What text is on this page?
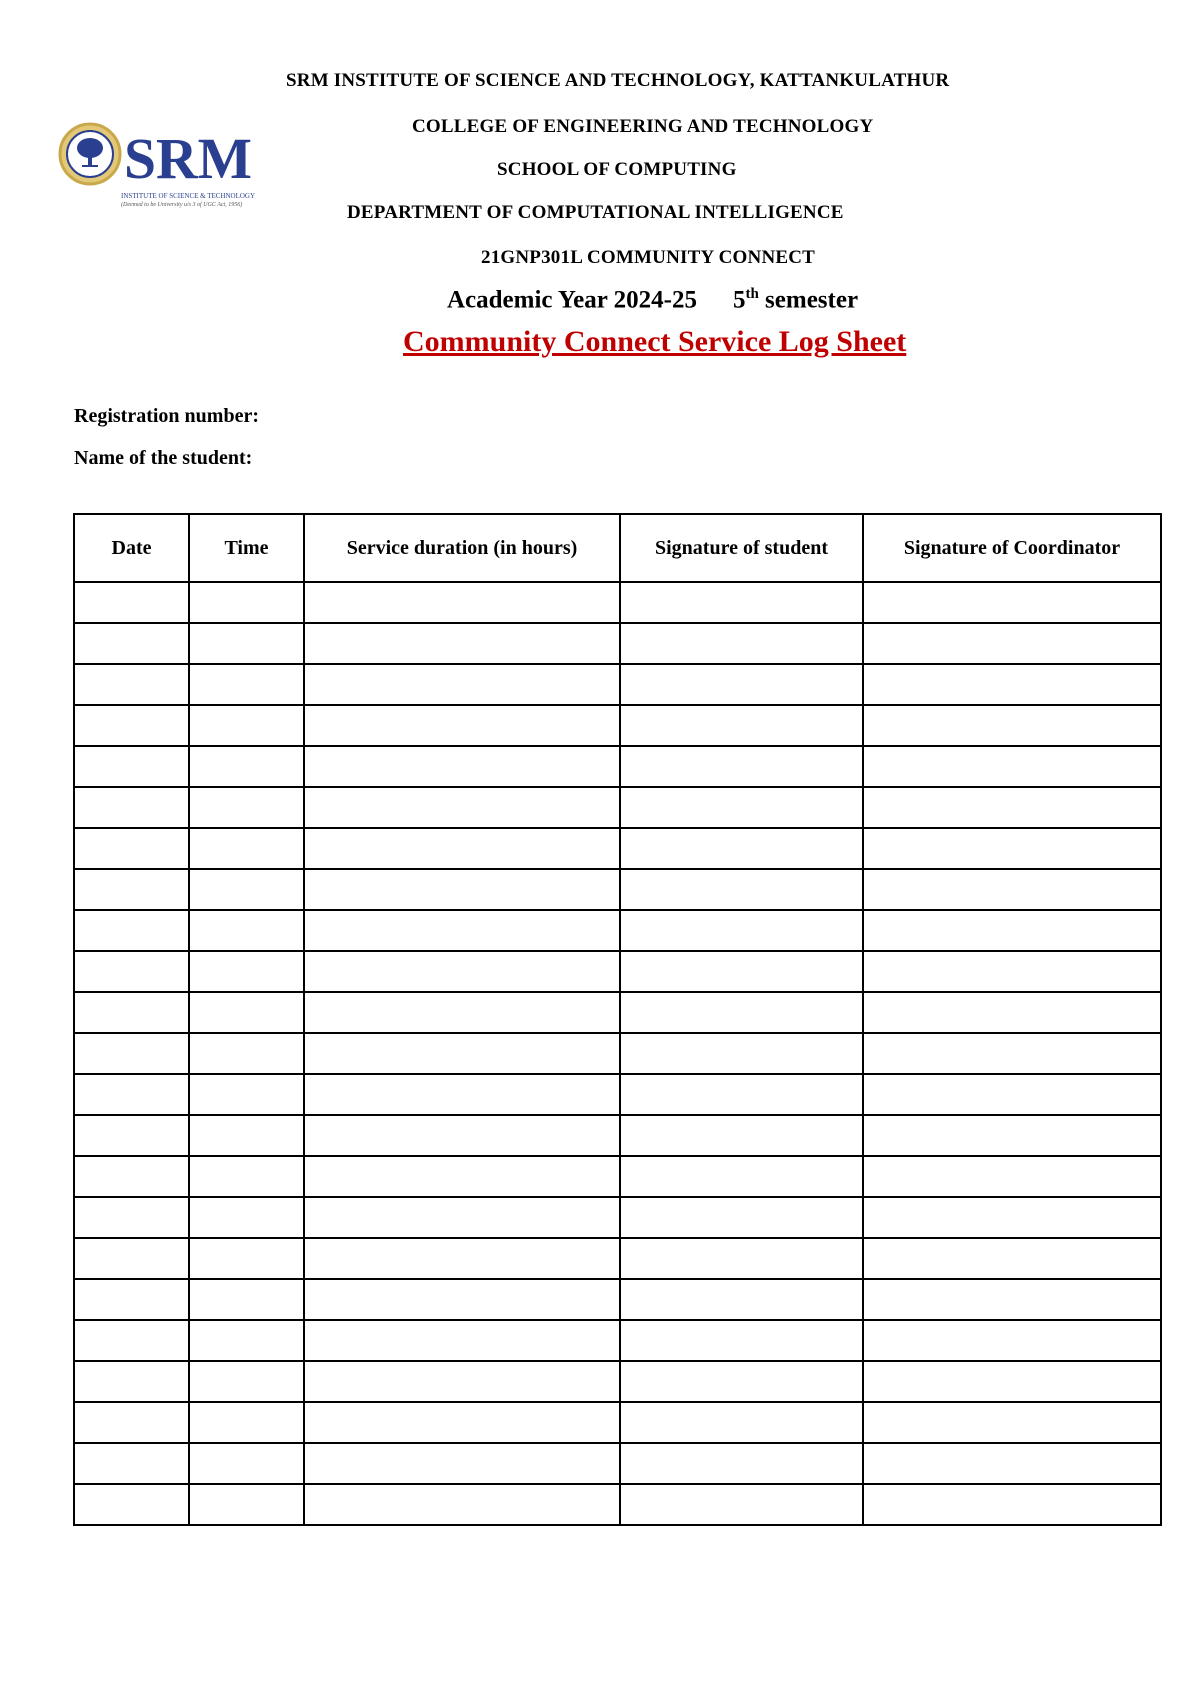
SRM
INSTITUTE OF SCIENCE & TECHNOLOGY
(Deemed to be University u/s 3 of UGC Act, 1956)
SRM INSTITUTE OF SCIENCE AND TECHNOLOGY, KATTANKULATHUR
COLLEGE OF ENGINEERING AND TECHNOLOGY
SCHOOL OF COMPUTING
DEPARTMENT OF COMPUTATIONAL INTELLIGENCE
21GNP301L COMMUNITY CONNECT
Academic Year 2024-25 5th semester
Community Connect Service Log Sheet
Registration number:
Name of the student:
Date	Time	Service duration (in hours)	Signature of student	Signature of Coordinator
